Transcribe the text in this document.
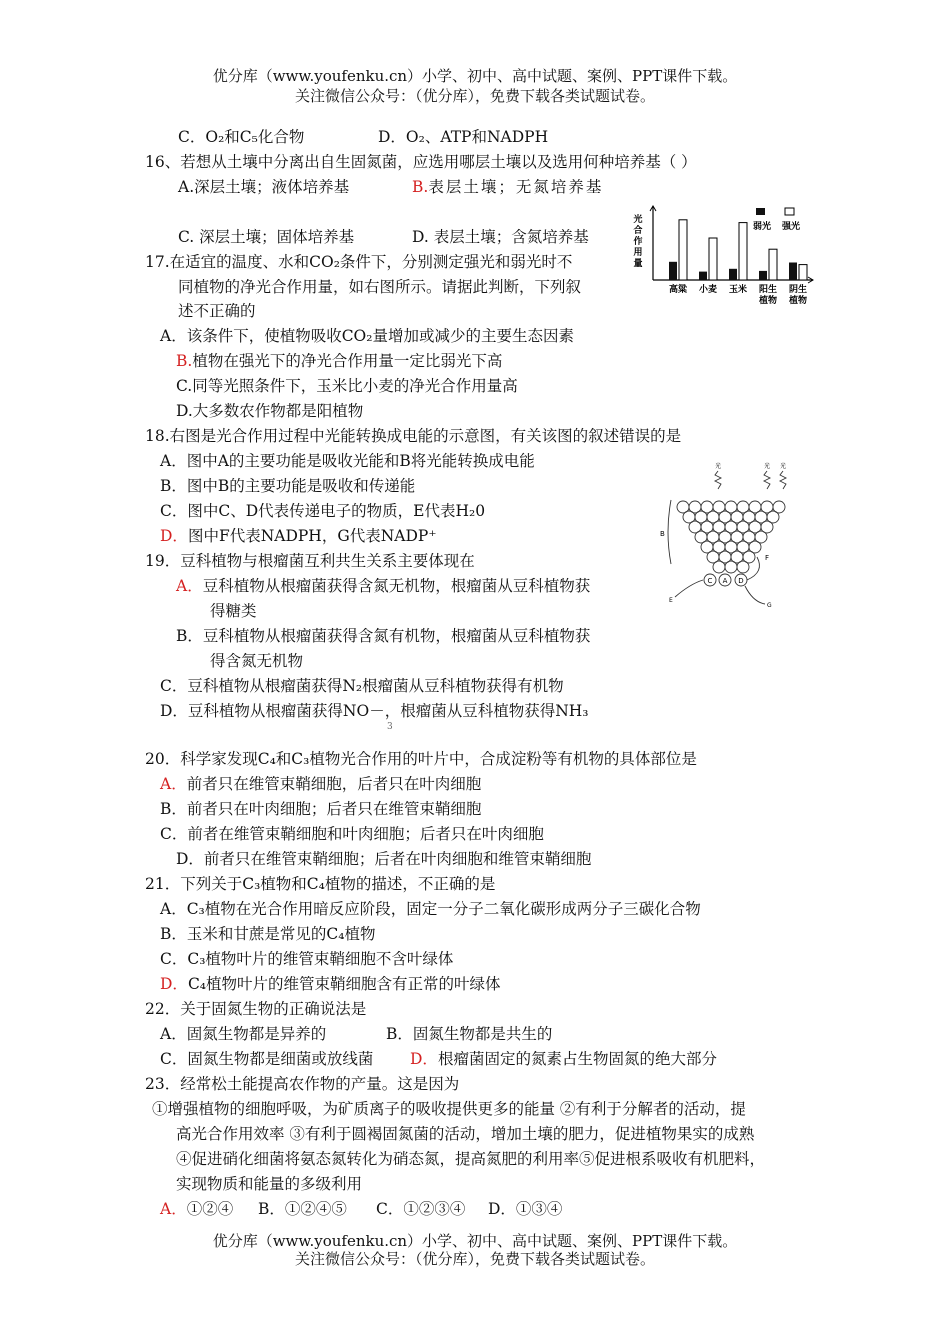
优分库（www.youfenku.cn）小学、初中、高中试题、案例、PPT课件下载。
关注微信公众号：（优分库），免费下载各类试题试卷。
C．O₂和C₅化合物	D．O₂、ATP和NADPH
16、若想从土壤中分离出自生固氮菌，应选用哪层土壤以及选用何种培养基（ ）
A.深层土壤；液体培养基	B.表层土壤；无氮培养基
C. 深层土壤；固体培养基	D. 表层土壤；含氮培养基
17.在适宜的温度、水和CO₂条件下，分别测定强光和弱光时不
同植物的净光合作用量，如右图所示。请据此判断，下列叙
述不正确的
A．该条件下，使植物吸收CO₂量增加或减少的主要生态因素
B.植物在强光下的净光合作用量一定比弱光下高
C.同等光照条件下，玉米比小麦的净光合作用量高
D.大多数农作物都是阳植物
光
合
作
用
量
高粱 小麦 玉米 阳生
植物
阴生
植物
弱光 强光
18.右图是光合作用过程中光能转换成电能的示意图，有关该图的叙述错误的是
A．图中A的主要功能是吸收光能和B将光能转换成电能
B．图中B的主要功能是吸收和传递能
C．图中C、D代表传递电子的物质，E代表H₂0
D．图中F代表NADPH，G代表NADP⁺
光	光 光
B
C A D
E
F
G
19．豆科植物与根瘤菌互利共生关系主要体现在
A．豆科植物从根瘤菌获得含氮无机物，根瘤菌从豆科植物获
得糖类
B．豆科植物从根瘤菌获得含氮有机物，根瘤菌从豆科植物获
得含氮无机物
C．豆科植物从根瘤菌获得N₂根瘤菌从豆科植物获得有机物
D．豆科植物从根瘤菌获得NO－，根瘤菌从豆科植物获得NH₃
3
20．科学家发现C₄和C₃植物光合作用的叶片中，合成淀粉等有机物的具体部位是
A．前者只在维管束鞘细胞，后者只在叶肉细胞
B．前者只在叶肉细胞；后者只在维管束鞘细胞
C．前者在维管束鞘细胞和叶肉细胞；后者只在叶肉细胞
D．前者只在维管束鞘细胞；后者在叶肉细胞和维管束鞘细胞
21．下列关于C₃植物和C₄植物的描述，不正确的是
A．C₃植物在光合作用暗反应阶段，固定一分子二氧化碳形成两分子三碳化合物
B．玉米和甘蔗是常见的C₄植物
C．C₃植物叶片的维管束鞘细胞不含叶绿体
D．C₄植物叶片的维管束鞘细胞含有正常的叶绿体
22．关于固氮生物的正确说法是
A．固氮生物都是异养的	B．固氮生物都是共生的
C．固氮生物都是细菌或放线菌 D．根瘤菌固定的氮素占生物固氮的绝大部分
23．经常松土能提高农作物的产量。这是因为
①增强植物的细胞呼吸，为矿质离子的吸收提供更多的能量 ②有利于分解者的活动，提
高光合作用效率 ③有利于圆褐固氮菌的活动，增加土壤的肥力，促进植物果实的成熟
④促进硝化细菌将氨态氮转化为硝态氮，提高氮肥的利用率⑤促进根系吸收有机肥料，
实现物质和能量的多级利用
A．①②④ B．①②④⑤ C．①②③④ D．①③④
优分库（www.youfenku.cn）小学、初中、高中试题、案例、PPT课件下载。
关注微信公众号：（优分库），免费下载各类试题试卷。
